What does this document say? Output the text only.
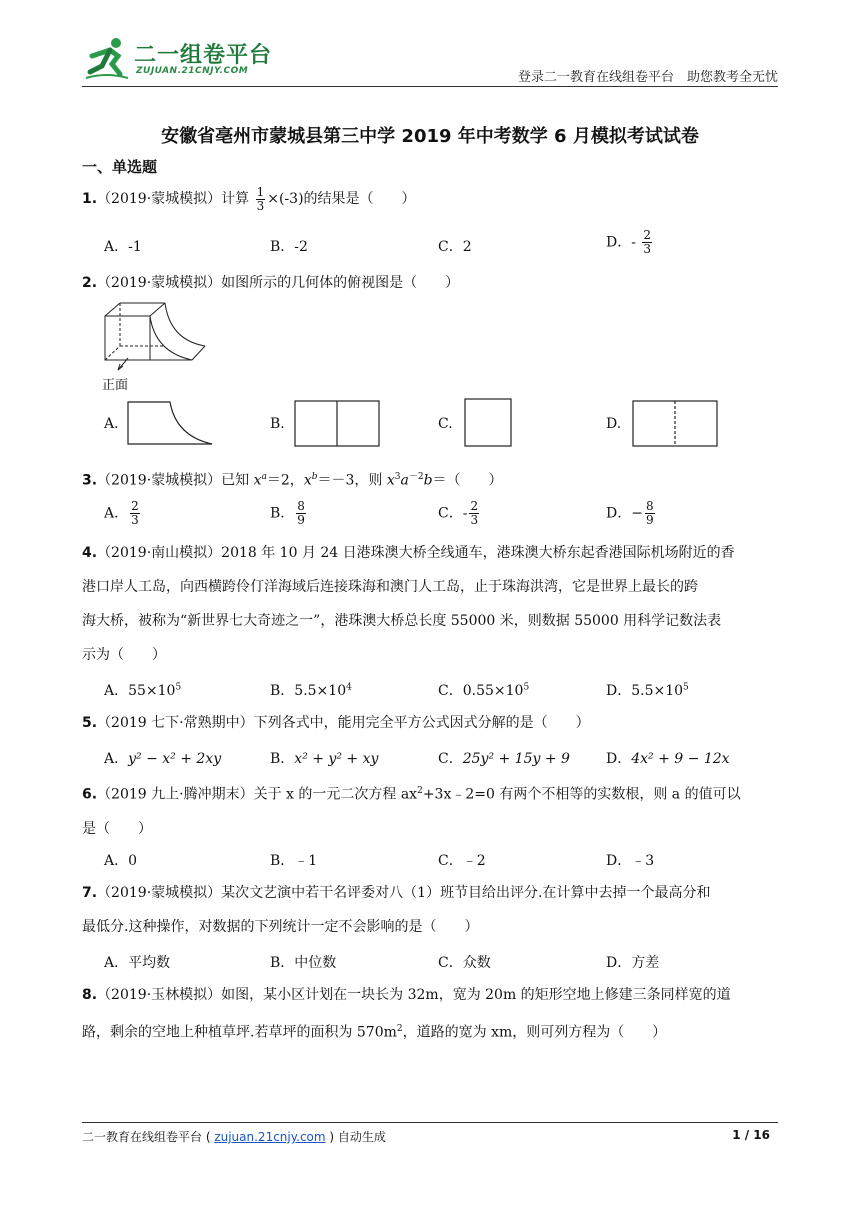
二一组卷平台
ZUJUAN.21CNJY.COM	登录二一教育在线组卷平台　助您教考全无忧
安徽省亳州市蒙城县第三中学 2019 年中考数学 6 月模拟考试试卷
一、单选题
1.（2019·蒙城模拟）计算 $\frac{1}{3} \times(-3)$的结果是（　　）
A．-1	B．-2	C．2	D．- $\frac{2}{3}$
2.（2019·蒙城模拟）如图所示的几何体的俯视图是（　　）
正面
A.	B.	C.	D.
3.（2019·蒙城模拟）已知 $x^a=2$，$x^b=-3$，则 $x^3a^{-2}b=$（　　）
A． $\frac{2}{3}$	B． $\frac{8}{9}$	C．- $\frac{2}{3}$	D．− $\frac{8}{9}$
4.（2019·南山模拟）2018 年 10 月 24 日港珠澳大桥全线通车，港珠澳大桥东起香港国际机场附近的香
港口岸人工岛，向西横跨伶仃洋海域后连接珠海和澳门人工岛，止于珠海洪湾，它是世界上最长的跨
海大桥，被称为“新世界七大奇迹之一”，港珠澳大桥总长度 55000 米，则数据 55000 用科学记数法表
示为（　　）
A．$55\times 10^5$	B．$5.5\times 10^4$	C．$0.55\times 10^5$	D．$5.5\times 10^5$
5.（2019 七下·常熟期中）下列各式中，能用完全平方公式因式分解的是（　　）
A．y² − x² + 2xy	B．x² + y² + xy	C．25y² + 15y + 9	D．4x² + 9 − 12x
6.（2019 九上·腾冲期末）关于 x 的一元二次方程 $ax^2+3x﹣2=0$ 有两个不相等的实数根，则 a 的值可以
是（　　）
A．0	B．﹣1	C．﹣2	D．﹣3
7.（2019·蒙城模拟）某次文艺演中若干名评委对八（1）班节目给出评分.在计算中去掉一个最高分和
最低分.这种操作，对数据的下列统计一定不会影响的是（　　）
A．平均数	B．中位数	C．众数	D．方差
8.（2019·玉林模拟）如图，某小区计划在一块长为 32m，宽为 20m 的矩形空地上修建三条同样宽的道
路，剩余的空地上种植草坪.若草坪的面积为 $570m^2$，道路的宽为 xm，则可列方程为（　　）
二一教育在线组卷平台 ( zujuan.21cnjy.com ) 自动生成	1 / 16
